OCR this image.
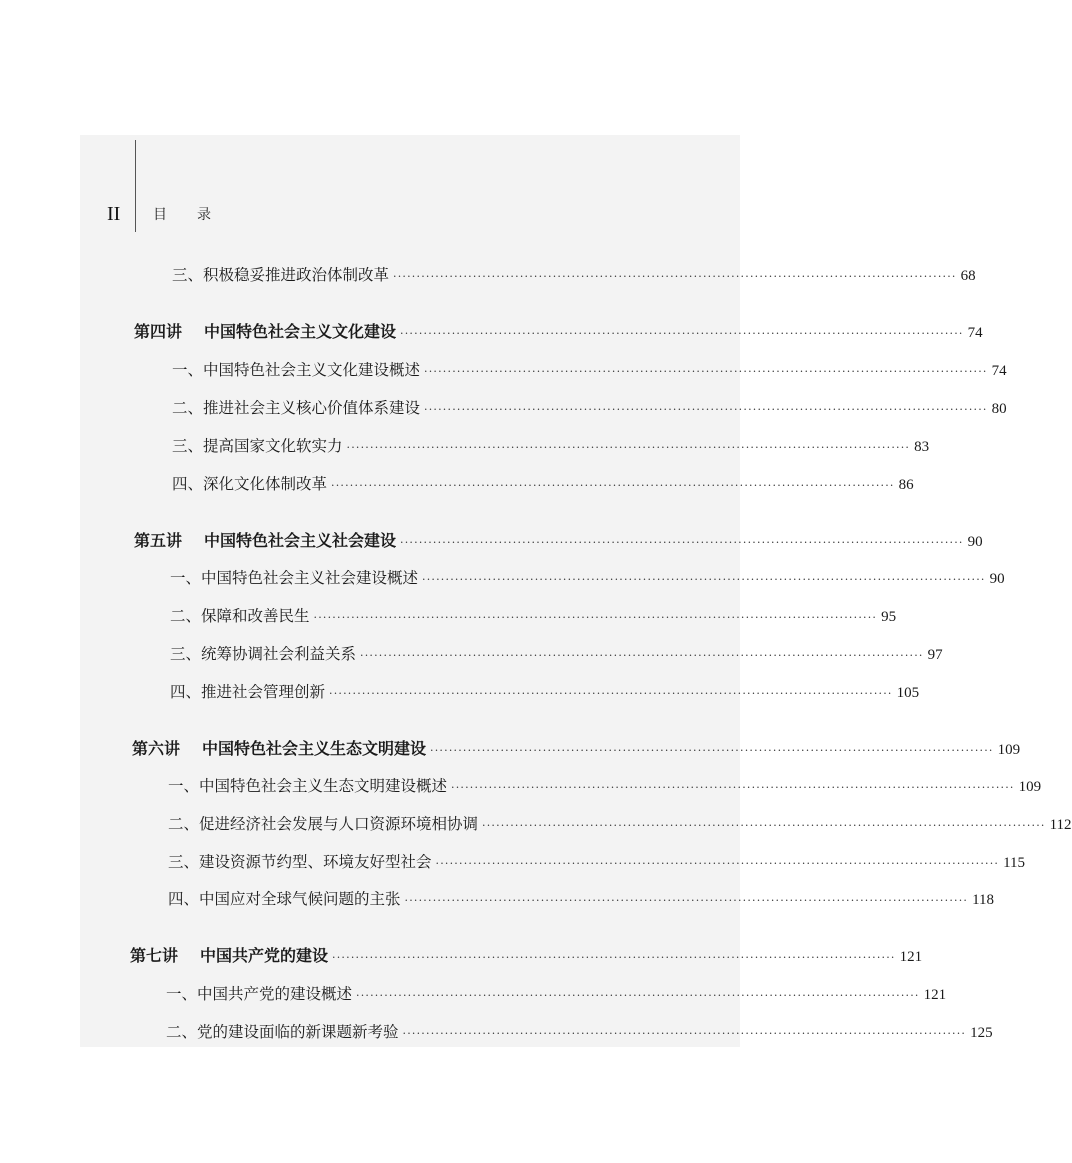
II 目录
三、积极稳妥推进政治体制改革 ························································································································ 68
第四讲 中国特色社会主义文化建设 ························································································································ 74
一、中国特色社会主义文化建设概述 ························································································································ 74
二、推进社会主义核心价值体系建设 ························································································································ 80
三、提高国家文化软实力 ························································································································ 83
四、深化文化体制改革 ························································································································ 86
第五讲 中国特色社会主义社会建设 ························································································································ 90
一、中国特色社会主义社会建设概述 ························································································································ 90
二、保障和改善民生 ························································································································ 95
三、统筹协调社会利益关系 ························································································································ 97
四、推进社会管理创新 ························································································································ 105
第六讲 中国特色社会主义生态文明建设 ························································································································ 109
一、中国特色社会主义生态文明建设概述 ························································································································ 109
二、促进经济社会发展与人口资源环境相协调 ························································································································ 112
三、建设资源节约型、环境友好型社会 ························································································································ 115
四、中国应对全球气候问题的主张 ························································································································ 118
第七讲 中国共产党的建设 ························································································································ 121
一、中国共产党的建设概述 ························································································································ 121
二、党的建设面临的新课题新考验 ························································································································ 125
